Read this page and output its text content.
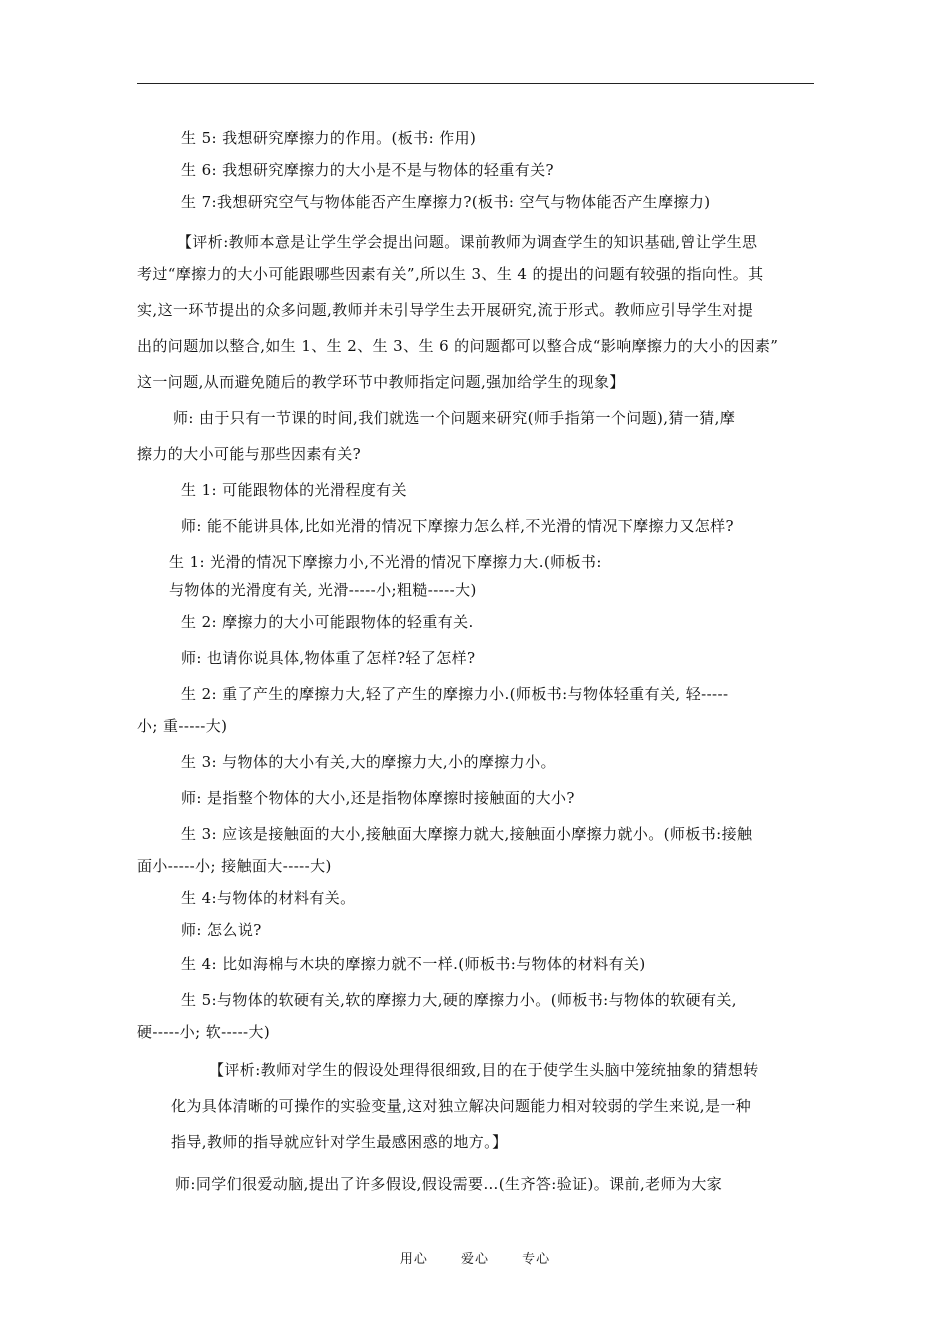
生 5: 我想研究摩擦力的作用。(板书: 作用)
生 6: 我想研究摩擦力的大小是不是与物体的轻重有关?
生 7:我想研究空气与物体能否产生摩擦力?(板书: 空气与物体能否产生摩擦力)
【评析:教师本意是让学生学会提出问题。课前教师为调查学生的知识基础,曾让学生思
考过“摩擦力的大小可能跟哪些因素有关”,所以生 3、生 4 的提出的问题有较强的指向性。其
实,这一环节提出的众多问题,教师并未引导学生去开展研究,流于形式。教师应引导学生对提
出的问题加以整合,如生 1、生 2、生 3、生 6 的问题都可以整合成“影响摩擦力的大小的因素”
这一问题,从而避免随后的教学环节中教师指定问题,强加给学生的现象】
师: 由于只有一节课的时间,我们就选一个问题来研究(师手指第一个问题),猜一猜,摩
擦力的大小可能与那些因素有关?
生 1: 可能跟物体的光滑程度有关
师: 能不能讲具体,比如光滑的情况下摩擦力怎么样,不光滑的情况下摩擦力又怎样?
生 1: 光滑的情况下摩擦力小,不光滑的情况下摩擦力大.(师板书:
与物体的光滑度有关, 光滑-----小;粗糙-----大)
生 2: 摩擦力的大小可能跟物体的轻重有关.
师: 也请你说具体,物体重了怎样?轻了怎样?
生 2: 重了产生的摩擦力大,轻了产生的摩擦力小.(师板书:与物体轻重有关, 轻-----
小; 重-----大)
生 3: 与物体的大小有关,大的摩擦力大,小的摩擦力小。
师: 是指整个物体的大小,还是指物体摩擦时接触面的大小?
生 3: 应该是接触面的大小,接触面大摩擦力就大,接触面小摩擦力就小。(师板书:接触
面小-----小; 接触面大-----大)
生 4:与物体的材料有关。
师: 怎么说?
生 4: 比如海棉与木块的摩擦力就不一样.(师板书:与物体的材料有关)
生 5:与物体的软硬有关,软的摩擦力大,硬的摩擦力小。(师板书:与物体的软硬有关,
硬-----小; 软-----大)
【评析:教师对学生的假设处理得很细致,目的在于使学生头脑中笼统抽象的猜想转
化为具体清晰的可操作的实验变量,这对独立解决问题能力相对较弱的学生来说,是一种
指导,教师的指导就应针对学生最感困惑的地方。】
师:同学们很爱动脑,提出了许多假设,假设需要…(生齐答:验证)。课前,老师为大家
用心	爱心	专心
